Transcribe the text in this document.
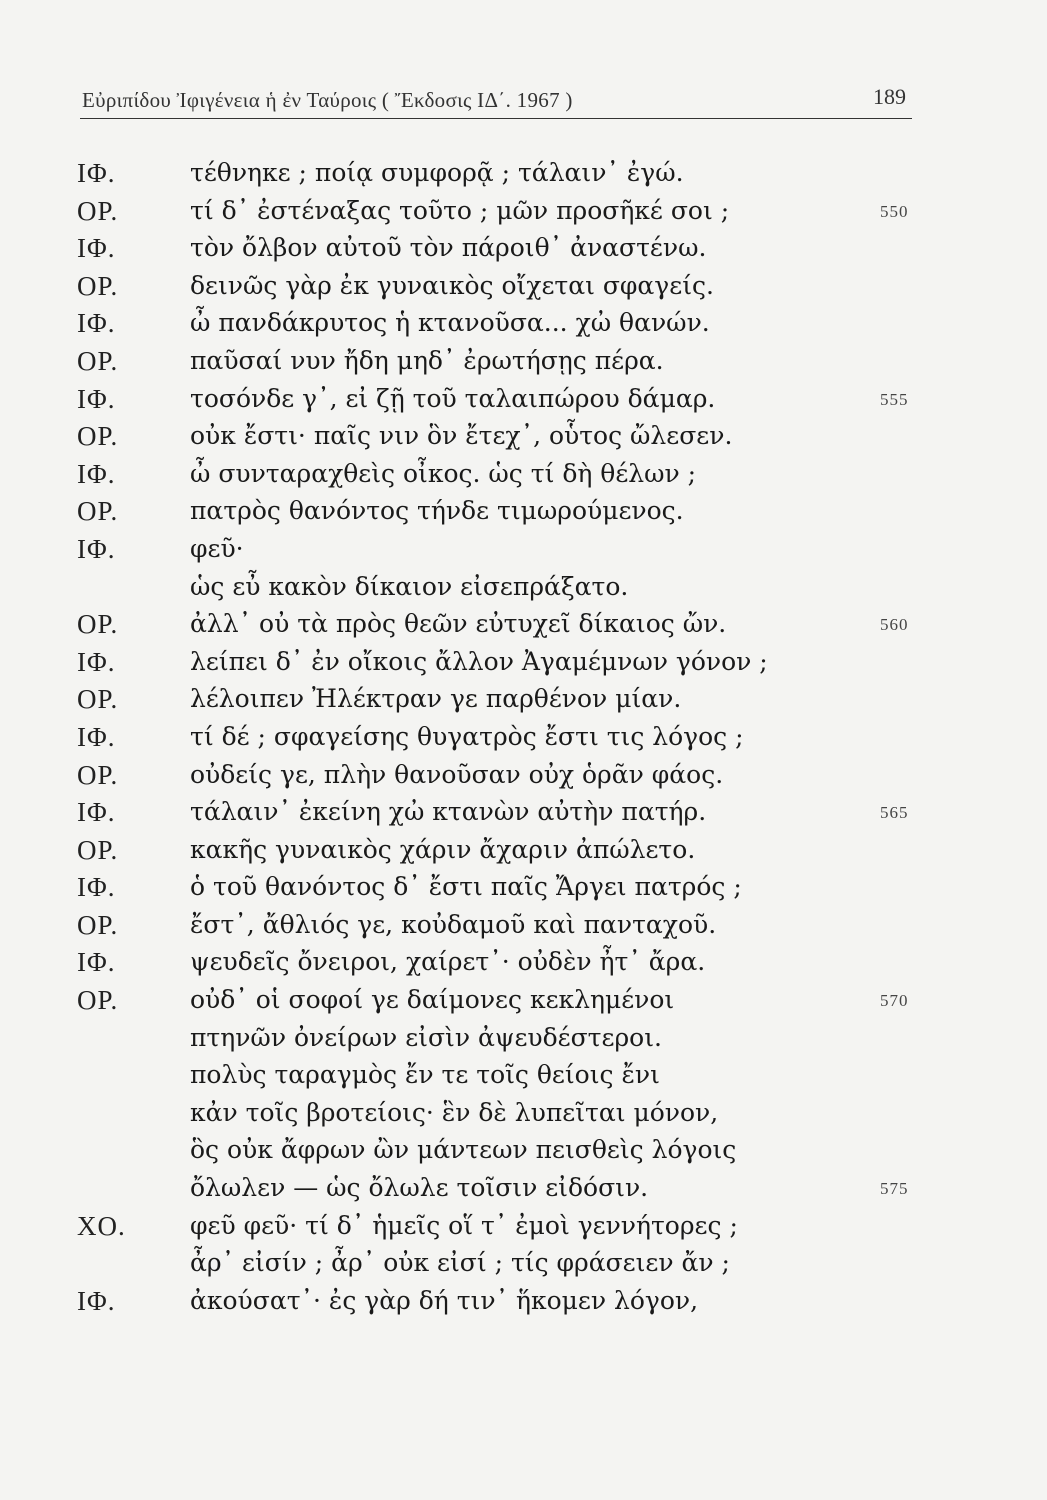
Εὐριπίδου Ἰφιγένεια ἡ ἐν Ταύροις ( Ἔκδοσις ΙΔ΄. 1967 )	189
ΙΦ.	τέθνηκε ; ποίᾳ συμφορᾷ ; τάλαιν᾽ ἐγώ.
ΟΡ.	τί δ᾽ ἐστέναξας τοῦτο ; μῶν προσῆκέ σοι ;	550
ΙΦ.	τὸν ὄλβον αὐτοῦ τὸν πάροιθ᾽ ἀναστένω.
ΟΡ.	δεινῶς γὰρ ἐκ γυναικὸς οἴχεται σφαγείς.
ΙΦ.	ὦ πανδάκρυτος ἡ κτανοῦσα... χὠ θανών.
ΟΡ.	παῦσαί νυν ἤδη μηδ᾽ ἐρωτήσῃς πέρα.
ΙΦ.	τοσόνδε γ᾽, εἰ ζῇ τοῦ ταλαιπώρου δάμαρ.	555
ΟΡ.	οὐκ ἔστι· παῖς νιν ὃν ἔτεχ᾽, οὗτος ὤλεσεν.
ΙΦ.	ὦ συνταραχθεὶς οἶκος. ὡς τί δὴ θέλων ;
ΟΡ.	πατρὸς θανόντος τήνδε τιμωρούμενος.
ΙΦ.	φεῦ·
ὡς εὖ κακὸν δίκαιον εἰσεπράξατο.
ΟΡ.	ἀλλ᾽ οὐ τὰ πρὸς θεῶν εὐτυχεῖ δίκαιος ὤν.	560
ΙΦ.	λείπει δ᾽ ἐν οἴκοις ἄλλον Ἀγαμέμνων γόνον ;
ΟΡ.	λέλοιπεν Ἠλέκτραν γε παρθένον μίαν.
ΙΦ.	τί δέ ; σφαγείσης θυγατρὸς ἔστι τις λόγος ;
ΟΡ.	οὐδείς γε, πλὴν θανοῦσαν οὐχ ὁρᾶν φάος.
ΙΦ.	τάλαιν᾽ ἐκείνη χὠ κτανὼν αὐτὴν πατήρ.	565
ΟΡ.	κακῆς γυναικὸς χάριν ἄχαριν ἀπώλετο.
ΙΦ.	ὁ τοῦ θανόντος δ᾽ ἔστι παῖς Ἄργει πατρός ;
ΟΡ.	ἔστ᾽, ἄθλιός γε, κοὐδαμοῦ καὶ πανταχοῦ.
ΙΦ.	ψευδεῖς ὄνειροι, χαίρετ᾽· οὐδὲν ἦτ᾽ ἄρα.
ΟΡ.	οὐδ᾽ οἱ σοφοί γε δαίμονες κεκλημένοι	570
πτηνῶν ὀνείρων εἰσὶν ἀψευδέστεροι.
πολὺς ταραγμὸς ἔν τε τοῖς θείοις ἔνι
κἀν τοῖς βροτείοις· ἓν δὲ λυπεῖται μόνον,
ὃς οὐκ ἄφρων ὢν μάντεων πεισθεὶς λόγοις
ὄλωλεν — ὡς ὄλωλε τοῖσιν εἰδόσιν.	575
ΧΟ.	φεῦ φεῦ· τί δ᾽ ἡμεῖς οἵ τ᾽ ἐμοὶ γεννήτορες ;
ἆρ᾽ εἰσίν ; ἆρ᾽ οὐκ εἰσί ; τίς φράσειεν ἄν ;
ΙΦ.	ἀκούσατ᾽· ἐς γὰρ δή τιν᾽ ἥκομεν λόγον,
